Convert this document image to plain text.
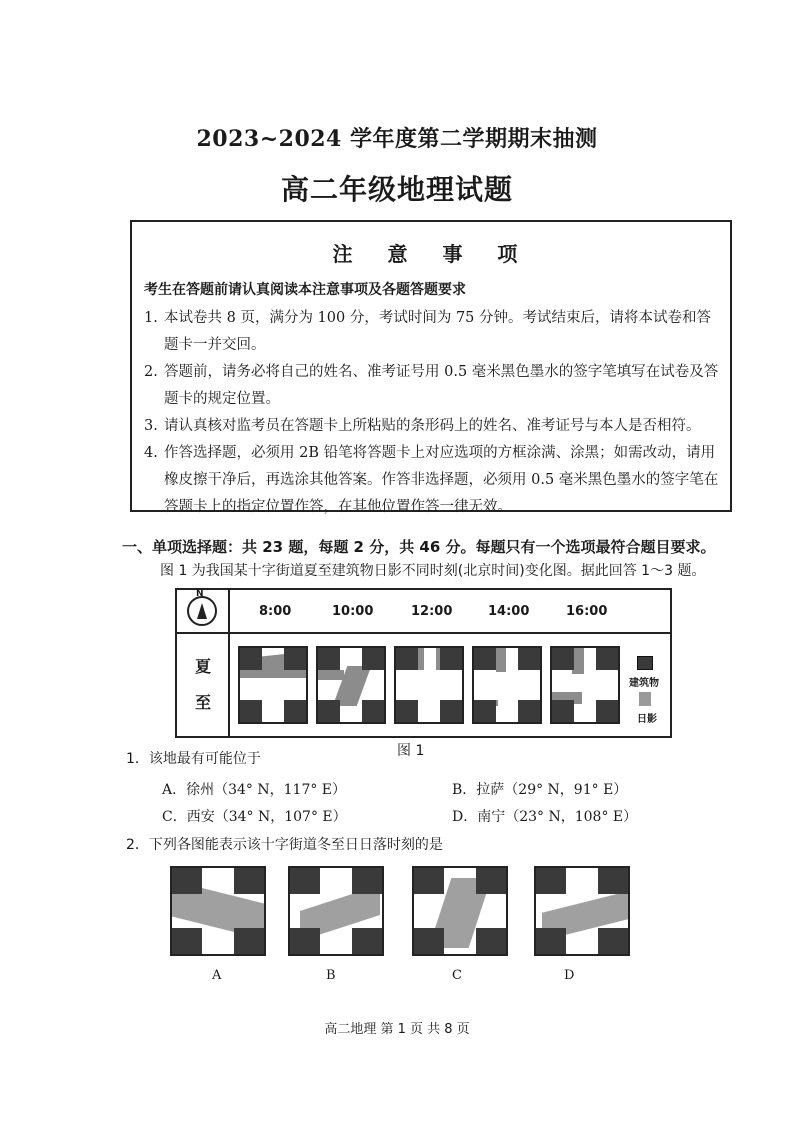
2023~2024 学年度第二学期期末抽测
高二年级地理试题
注 意 事 项
考生在答题前请认真阅读本注意事项及各题答题要求
1. 本试卷共 8 页，满分为 100 分，考试时间为 75 分钟。考试结束后，请将本试卷和答题卡一并交回。
2. 答题前，请务必将自己的姓名、准考证号用 0.5 毫米黑色墨水的签字笔填写在试卷及答题卡的规定位置。
3. 请认真核对监考员在答题卡上所粘贴的条形码上的姓名、准考证号与本人是否相符。
4. 作答选择题，必须用 2B 铅笔将答题卡上对应选项的方框涂满、涂黑；如需改动，请用橡皮擦干净后，再选涂其他答案。作答非选择题，必须用 0.5 毫米黑色墨水的签字笔在答题卡上的指定位置作答，在其他位置作答一律无效。
一、单项选择题：共 23 题，每题 2 分，共 46 分。每题只有一个选项最符合题目要求。
图 1 为我国某十字街道夏至建筑物日影不同时刻(北京时间)变化图。据此回答 1～3 题。
N
夏
至
8:00	10:00	12:00	14:00	16:00
建筑物
日影
图 1
1．该地最有可能位于
A．徐州（34° N，117° E）	B．拉萨（29° N，91° E）
C．西安（34° N，107° E）	D．南宁（23° N，108° E）
2．下列各图能表示该十字街道冬至日日落时刻的是
A	B	C	D
高二地理 第 1 页 共 8 页
